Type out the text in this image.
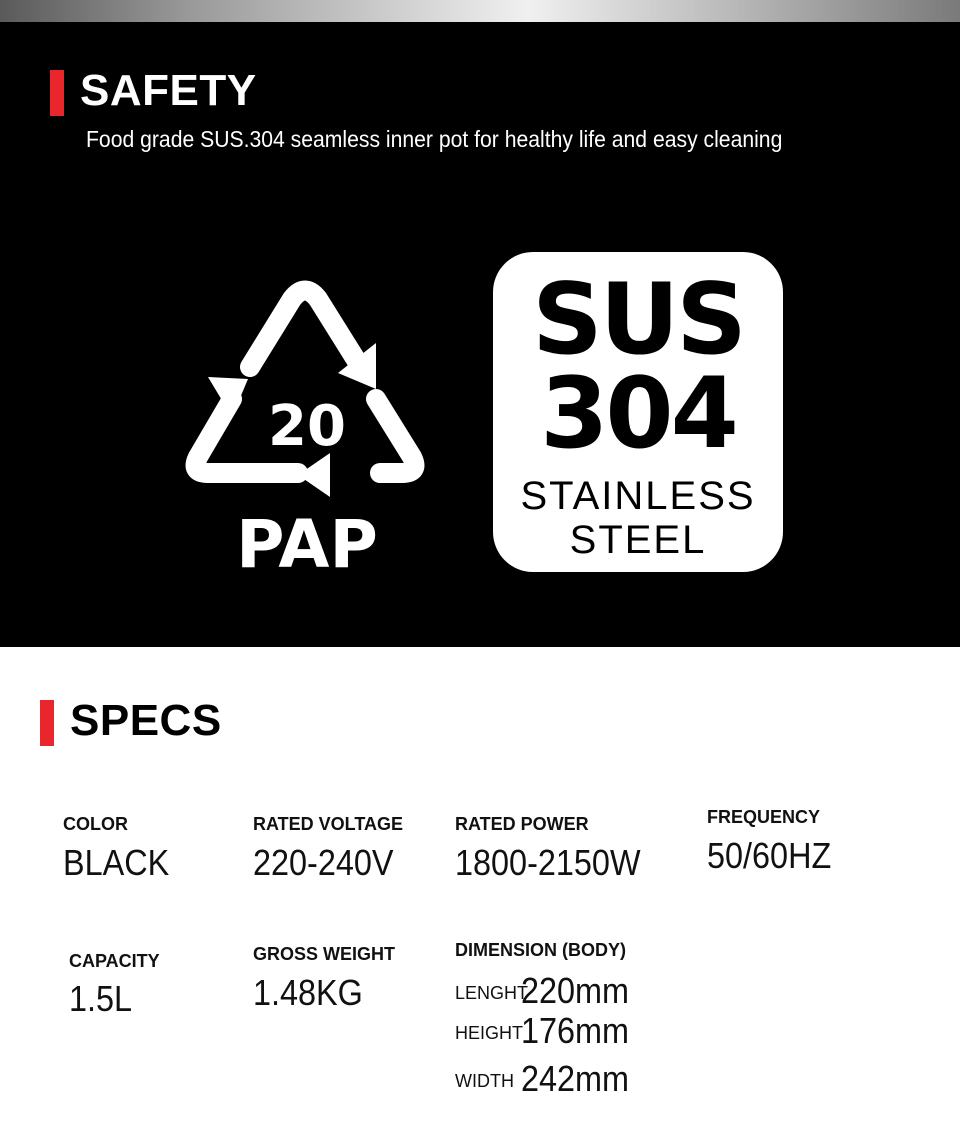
SAFETY
Food grade SUS.304 seamless inner pot for healthy life and easy cleaning
20
PAP
SUS
304
STAINLESS
STEEL
SPECS
COLOR
BLACK
RATED VOLTAGE
220-240V
RATED POWER
1800-2150W
FREQUENCY
50/60HZ
CAPACITY
1.5L
GROSS WEIGHT
1.48KG
DIMENSION (BODY)
LENGHT
220mm
HEIGHT
176mm
WIDTH 242mm
